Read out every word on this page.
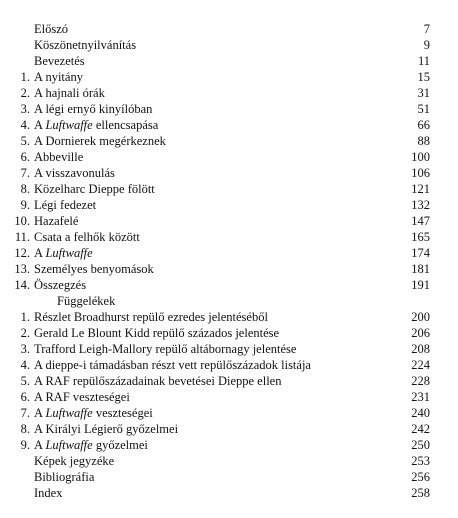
Előszó	7
Köszönetnyilvánítás	9
Bevezetés	11
1. A nyitány	15
2. A hajnali órák	31
3. A légi ernyő kinyílóban	51
4. A Luftwaffe ellencsapása	66
5. A Dornierek megérkeznek	88
6. Abbeville	100
7. A visszavonulás	106
8. Közelharc Dieppe fölött	121
9. Légi fedezet	132
10. Hazafelé	147
11. Csata a felhők között	165
12. A Luftwaffe	174
13. Személyes benyomások	181
14. Összegzés	191
Függelékek
1. Részlet Broadhurst repülő ezredes jelentéséből	200
2. Gerald Le Blount Kidd repülő százados jelentése	206
3. Trafford Leigh-Mallory repülő altábornagy jelentése	208
4. A dieppe-i támadásban részt vett repülőszázadok listája	224
5. A RAF repülőszázadainak bevetései Dieppe ellen	228
6. A RAF veszteségei	231
7. A Luftwaffe veszteségei	240
8. A Királyi Légierő győzelmei	242
9. A Luftwaffe győzelmei	250
Képek jegyzéke	253
Bibliográfia	256
Index	258
